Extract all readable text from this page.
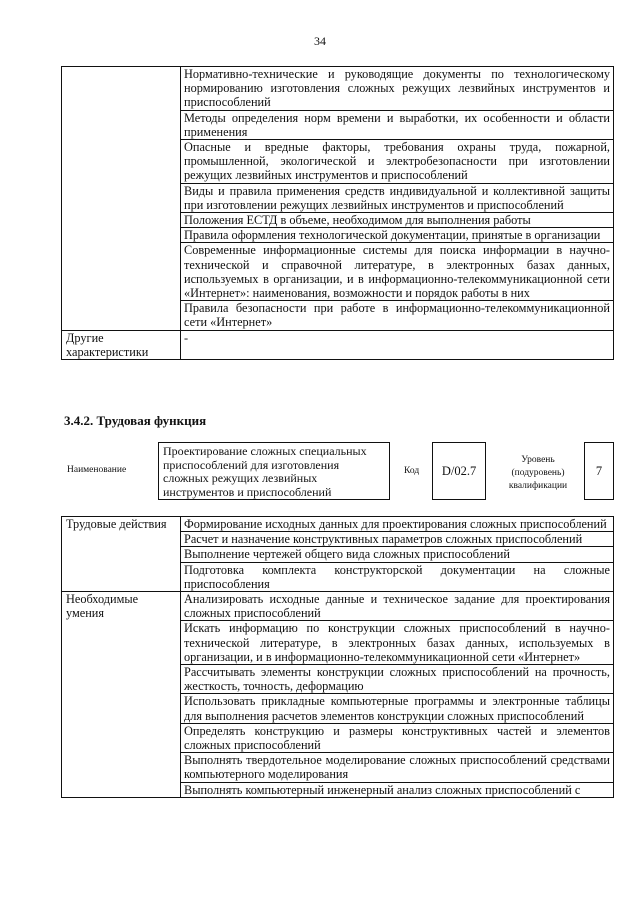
34
	Нормативно-технические и руководящие документы по технологическому нормированию изготовления сложных режущих лезвийных инструментов и приспособлений
	Методы определения норм времени и выработки, их особенности и области применения
	Опасные и вредные факторы, требования охраны труда, пожарной, промышленной, экологической и электробезопасности при изготовлении режущих лезвийных инструментов и приспособлений
	Виды и правила применения средств индивидуальной и коллективной защиты при изготовлении режущих лезвийных инструментов и приспособлений
	Положения ЕСТД в объеме, необходимом для выполнения работы
	Правила оформления технологической документации, принятые в организации
	Современные информационные системы для поиска информации в научно-технической и справочной литературе, в электронных базах данных, используемых в организации, и в информационно-телекоммуникационной сети «Интернет»: наименования, возможности и порядок работы в них
	Правила безопасности при работе в информационно-телекоммуникационной сети «Интернет»
Другие характеристики	-
3.4.2. Трудовая функция
Наименование
Проектирование сложных специальных приспособлений для изготовления сложных режущих лезвийных инструментов и приспособлений
Код D/02.7
Уровень (подуровень) квалификации
7
Трудовые действия	Формирование исходных данных для проектирования сложных приспособлений
	Расчет и назначение конструктивных параметров сложных приспособлений
	Выполнение чертежей общего вида сложных приспособлений
	Подготовка комплекта конструкторской документации на сложные приспособления
Необходимые умения	Анализировать исходные данные и техническое задание для проектирования сложных приспособлений
	Искать информацию по конструкции сложных приспособлений в научно-технической литературе, в электронных базах данных, используемых в организации, и в информационно-телекоммуникационной сети «Интернет»
	Рассчитывать элементы конструкции сложных приспособлений на прочность, жесткость, точность, деформацию
	Использовать прикладные компьютерные программы и электронные таблицы для выполнения расчетов элементов конструкции сложных приспособлений
	Определять конструкцию и размеры конструктивных частей и элементов сложных приспособлений
	Выполнять твердотельное моделирование сложных приспособлений средствами компьютерного моделирования
	Выполнять компьютерный инженерный анализ сложных приспособлений с
